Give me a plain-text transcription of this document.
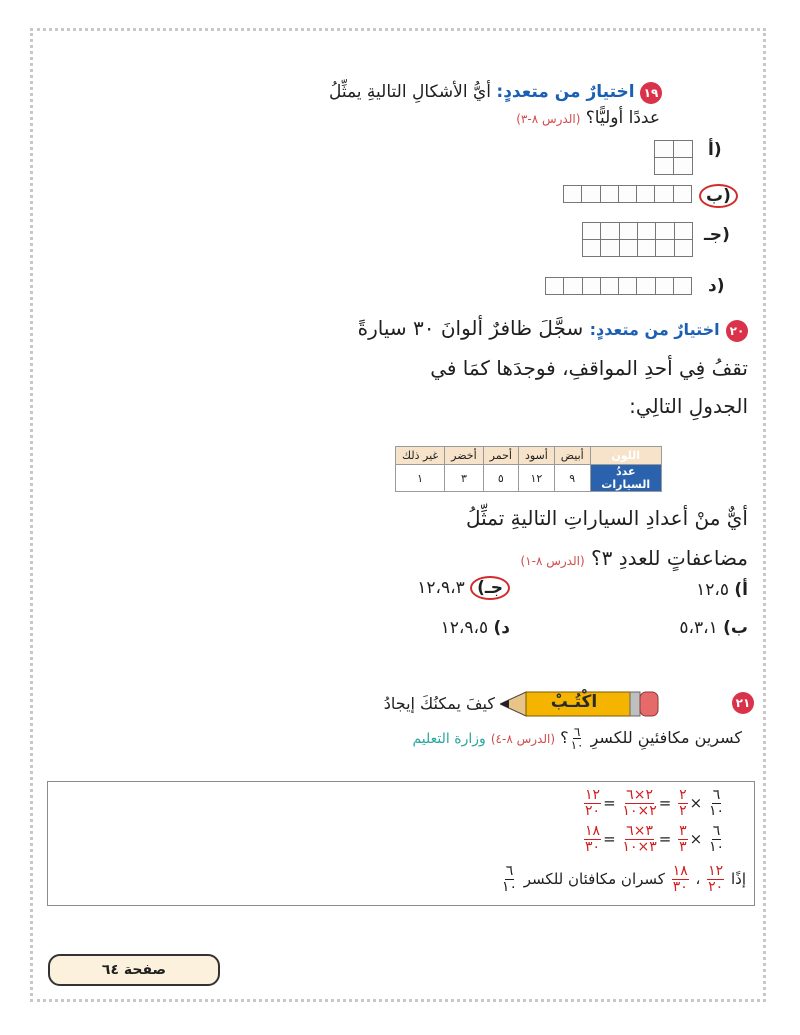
١٩ اختيارٌ من متعددٍ: أيُّ الأشكالِ التاليةِ يمثِّلُ
عددًا أوليًّا؟ (الدرس ٨-٣)
أ)
ب)
جـ)
د)
٢٠ اختيارٌ من متعددٍ: سجَّلَ ظافرٌ ألوانَ ٣٠ سيارةً
تقفُ فِي أحدِ المواقفِ، فوجدَها كمَا في
الجدولِ التالِي:
اللون	أبيض	أسود	أحمر	أخضر	غير ذلك
عددُ السيارات	٩	١٢	٥	٣	١
أيٌّ منْ أعدادِ السياراتِ التاليةِ تمثِّلُ
مضاعفاتٍ للعددِ ٣؟ (الدرس ٨-١)
أ) ١٢،٥
جـ) ١٢،٩،٣
ب) ٥،٣،١
د) ١٢،٩،٥
٢١
اكْتُـبْ
كيفَ يمكنُكَ إيجادُ
كسرين مكافئينِ للكسرِ
$\frac{٦}{١٠}$
؟ (الدرس ٨-٤) وزارة التعليم
$\frac{١٢}{٢٠} = \frac{٢\times ٦}{٢\times ١٠} = \frac{٢}{٢} \times \frac{٦}{١٠}$
$\frac{١٨}{٣٠} = \frac{٣\times ٦}{٣\times ١٠} = \frac{٣}{٣} \times \frac{٦}{١٠}$
إذًا
$\frac{١٢}{٢٠}$
،
$\frac{١٨}{٣٠}$
كسران مكافئان للكسر
$\frac{٦}{١٠}$
صفحة ٦٤
